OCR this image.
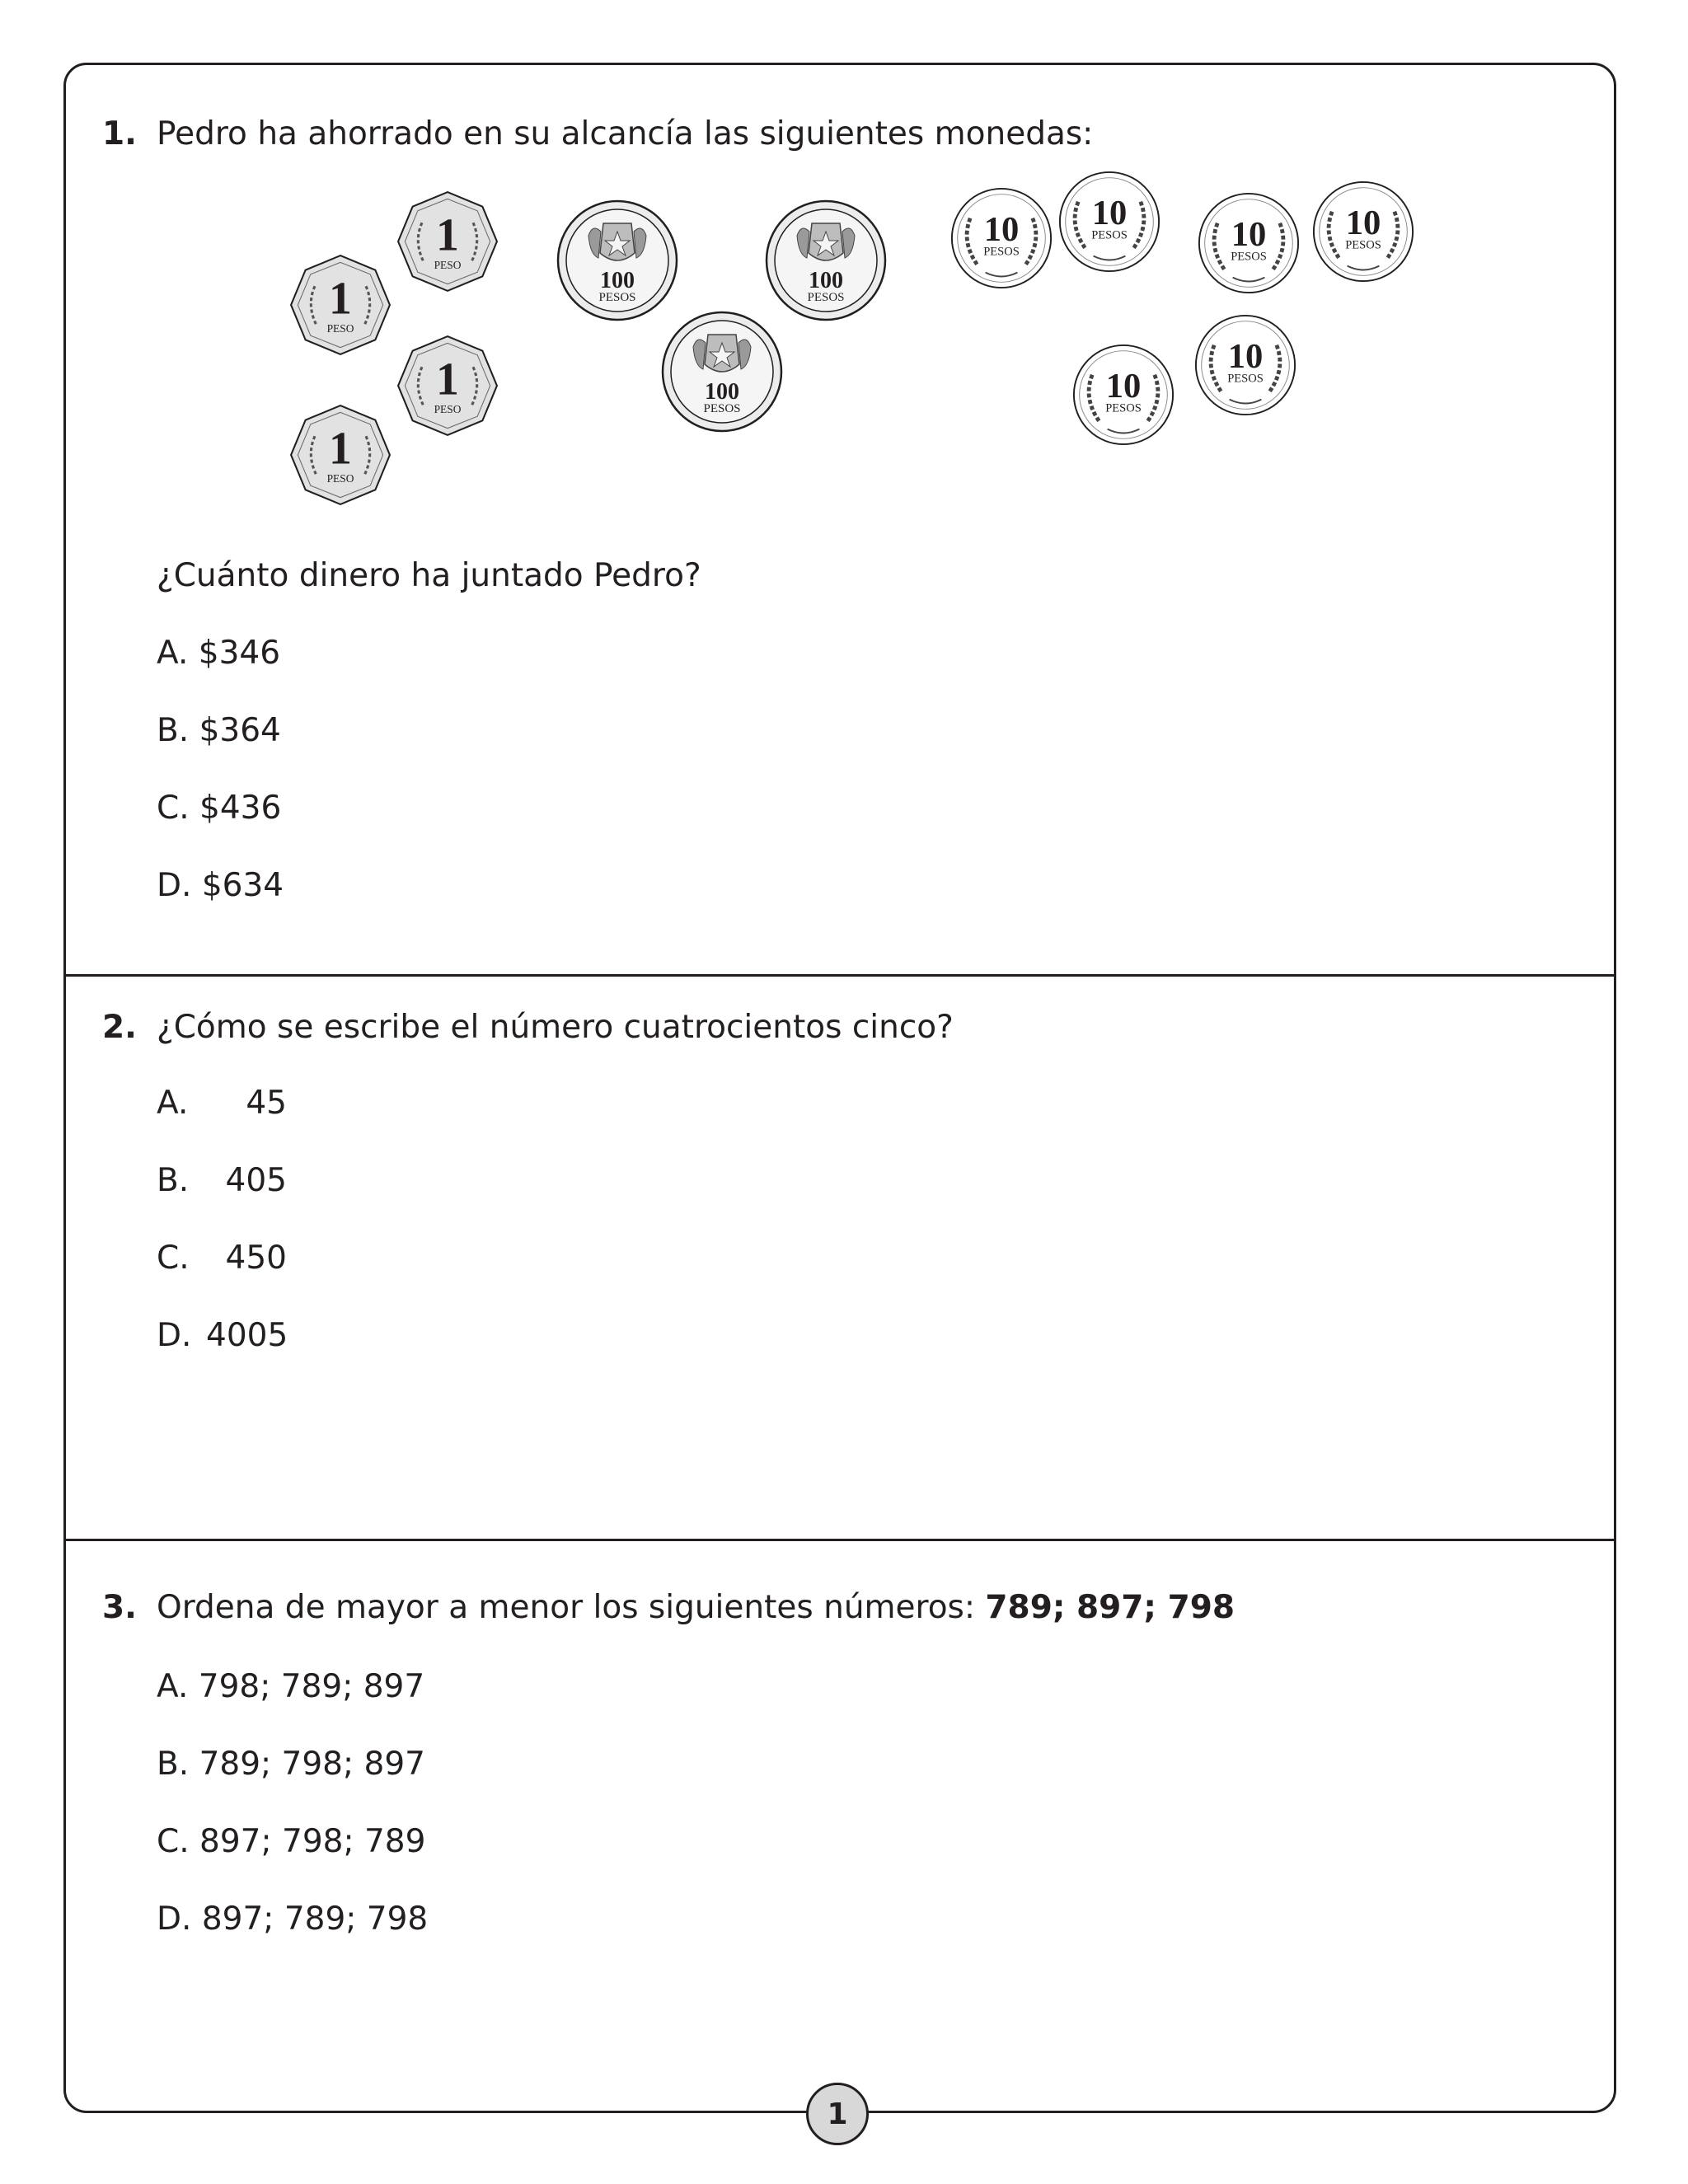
1. Pedro ha ahorrado en su alcancía las siguientes monedas:
1
PESO
1
PESO
1
PESO
1
PESO
100
PESOS
100
PESOS
100
PESOS
10
PESOS
10
PESOS	10
PESOS
10
PESOS
10
PESOS
10
PESOS
¿Cuánto dinero ha juntado Pedro?
A. $346
B. $364
C. $436
D. $634
2. ¿Cómo se escribe el número cuatrocientos cinco?
A. 45
B. 405
C. 450
D. 4005
3. Ordena de mayor a menor los siguientes números: 789; 897; 798
A. 798; 789; 897
B. 789; 798; 897
C. 897; 798; 789
D. 897; 789; 798
1
